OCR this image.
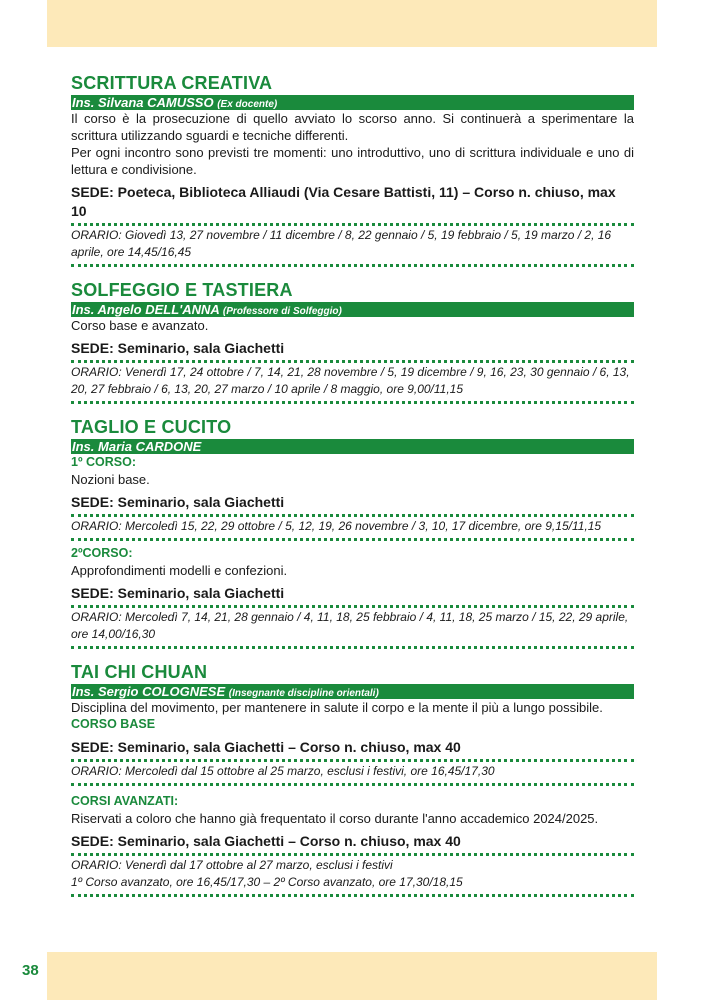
SCRITTURA CREATIVA
Ins. Silvana CAMUSSO (Ex docente)

Il corso è la prosecuzione di quello avviato lo scorso anno. Si continuerà a sperimentare la scrittura utilizzando sguardi e tecniche differenti.

Per ogni incontro sono previsti tre momenti: uno introduttivo, uno di scrittura individuale e uno di lettura e condivisione.

SEDE: Poeteca, Biblioteca Alliaudi (Via Cesare Battisti, 11) – Corso n. chiuso, max 10
ORARIO: Giovedì 13, 27 novembre / 11 dicembre / 8, 22 gennaio / 5, 19 febbraio / 5, 19 marzo / 2, 16 aprile, ore 14,45/16,45
SOLFEGGIO E TASTIERA
Ins. Angelo DELL'ANNA (Professore di Solfeggio)

Corso base e avanzato.

SEDE: Seminario, sala Giachetti
ORARIO: Venerdì 17, 24 ottobre / 7, 14, 21, 28 novembre / 5, 19 dicembre / 9, 16, 23, 30 gennaio / 6, 13, 20, 27 febbraio / 6, 13, 20, 27 marzo / 10 aprile / 8 maggio, ore 9,00/11,15
TAGLIO E CUCITO
Ins. Maria CARDONE

1º CORSO:

Nozioni base.

SEDE: Seminario, sala Giachetti
ORARIO: Mercoledì 15, 22, 29 ottobre / 5, 12, 19, 26 novembre / 3, 10, 17 dicembre, ore 9,15/11,15

2ºCORSO:

Approfondimenti modelli e confezioni.

SEDE: Seminario, sala Giachetti
ORARIO: Mercoledì 7, 14, 21, 28 gennaio / 4, 11, 18, 25 febbraio / 4, 11, 18, 25 marzo / 15, 22, 29 aprile, ore 14,00/16,30
TAI CHI CHUAN
Ins. Sergio COLOGNESE (Insegnante discipline orientali)

Disciplina del movimento, per mantenere in salute il corpo e la mente il più a lungo possibile.

CORSO BASE

SEDE: Seminario, sala Giachetti – Corso n. chiuso, max 40
ORARIO: Mercoledì dal 15 ottobre al 25 marzo, esclusi i festivi, ore 16,45/17,30

CORSI AVANZATI:

Riservati a coloro che hanno già frequentato il corso durante l'anno accademico 2024/2025.

SEDE: Seminario, sala Giachetti – Corso n. chiuso, max 40
ORARIO: Venerdì dal 17 ottobre al 27 marzo, esclusi i festivi
1º Corso avanzato, ore 16,45/17,30 – 2º Corso avanzato, ore 17,30/18,15
38
